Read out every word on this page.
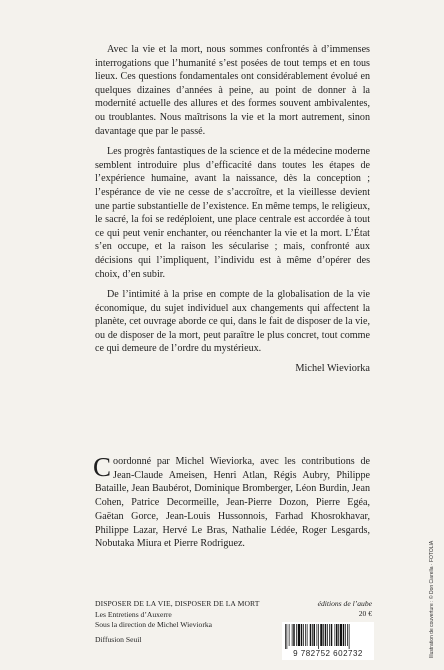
Avec la vie et la mort, nous sommes confrontés à d’immenses interrogations que l’humanité s’est posées de tout temps et en tous lieux. Ces questions fondamentales ont considérablement évolué en quelques dizaines d’années à peine, au point de donner à la modernité actuelle des allures et des formes souvent ambivalentes, ou troublantes. Nous maîtrisons la vie et la mort autrement, sinon davantage que par le passé.

Les progrès fantastiques de la science et de la médecine moderne semblent introduire plus d’efficacité dans toutes les étapes de l’expérience humaine, avant la naissance, dès la conception ; l’espérance de vie ne cesse de s’accroître, et la vieillesse devient une partie substantielle de l’existence. En même temps, le religieux, le sacré, la foi se redéploient, une place centrale est accordée à tout ce qui peut venir enchanter, ou réenchanter la vie et la mort. L’État s’en occupe, et la raison les sécularise ; mais, confronté aux décisions qui l’impliquent, l’individu est à même d’opérer des choix, d’en subir.

De l’intimité à la prise en compte de la globalisation de la vie économique, du sujet individuel aux changements qui affectent la planète, cet ouvrage aborde ce qui, dans le fait de disposer de la vie, ou de disposer de la mort, peut paraître le plus concret, tout comme ce qui demeure de l’ordre du mystérieux.

Michel Wieviorka
Coordonné par Michel Wieviorka, avec les contributions de Jean-Claude Ameisen, Henri Atlan, Régis Aubry, Philippe Bataille, Jean Baubérot, Dominique Bromberger, Léon Burdin, Jean Cohen, Patrice Decormeille, Jean-Pierre Dozon, Pierre Egéa, Gaëtan Gorce, Jean-Louis Hussonnois, Farhad Khosrokhavar, Philippe Lazar, Hervé Le Bras, Nathalie Lédée, Roger Lesgards, Nobutaka Miura et Pierre Rodriguez.
DISPOSER DE LA VIE, DISPOSER DE LA MORT
Les Entretiens d’Auxerre
Sous la direction de Michel Wieviorka
Diffusion Seuil
éditions de l’aube
20 €
9 782752 602732	Illustration de couverture : © Don Ciarella · FOTOLIA
